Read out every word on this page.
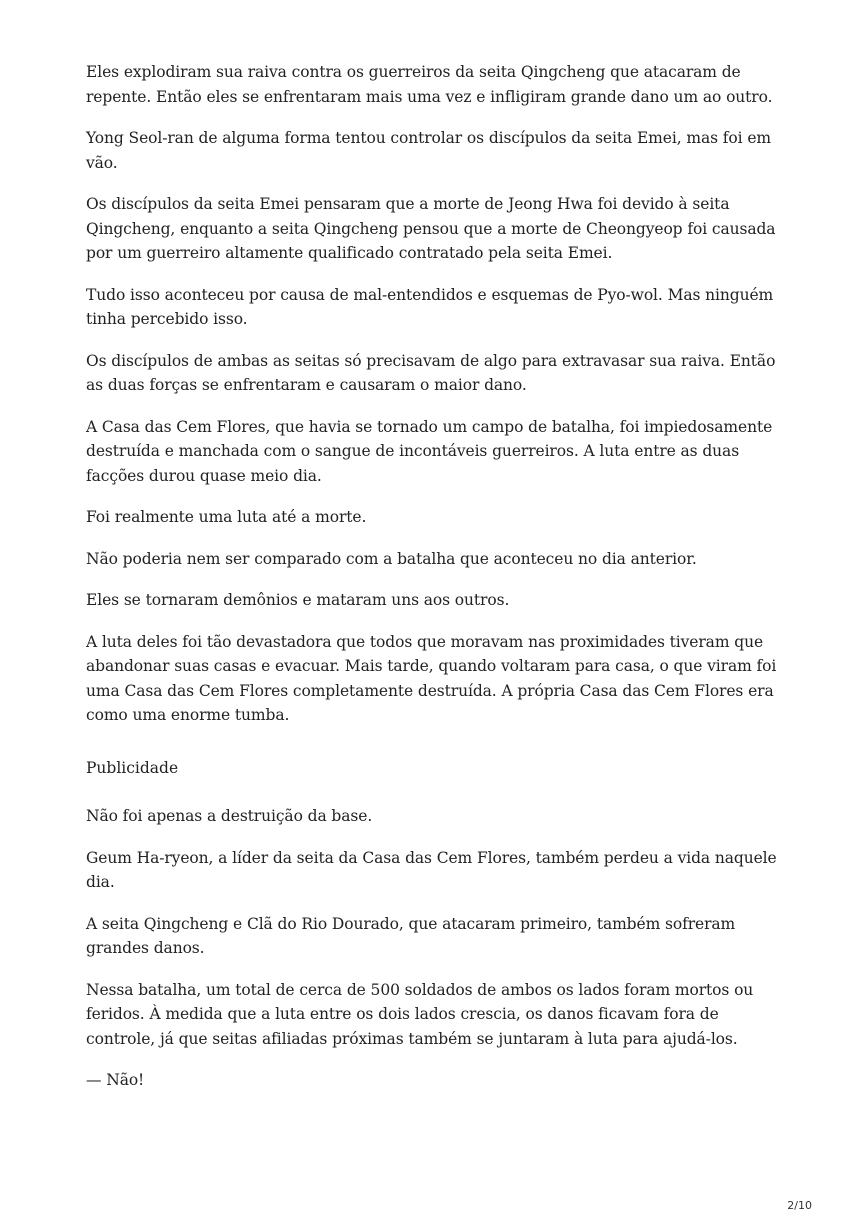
Eles explodiram sua raiva contra os guerreiros da seita Qingcheng que atacaram de repente. Então eles se enfrentaram mais uma vez e infligiram grande dano um ao outro.

Yong Seol-ran de alguma forma tentou controlar os discípulos da seita Emei, mas foi em vão.

Os discípulos da seita Emei pensaram que a morte de Jeong Hwa foi devido à seita Qingcheng, enquanto a seita Qingcheng pensou que a morte de Cheongyeop foi causada por um guerreiro altamente qualificado contratado pela seita Emei.

Tudo isso aconteceu por causa de mal-entendidos e esquemas de Pyo-wol. Mas ninguém tinha percebido isso.

Os discípulos de ambas as seitas só precisavam de algo para extravasar sua raiva. Então as duas forças se enfrentaram e causaram o maior dano.

A Casa das Cem Flores, que havia se tornado um campo de batalha, foi impiedosamente destruída e manchada com o sangue de incontáveis guerreiros. A luta entre as duas facções durou quase meio dia.

Foi realmente uma luta até a morte.

Não poderia nem ser comparado com a batalha que aconteceu no dia anterior.

Eles se tornaram demônios e mataram uns aos outros.

A luta deles foi tão devastadora que todos que moravam nas proximidades tiveram que abandonar suas casas e evacuar. Mais tarde, quando voltaram para casa, o que viram foi uma Casa das Cem Flores completamente destruída. A própria Casa das Cem Flores era como uma enorme tumba.

Publicidade

Não foi apenas a destruição da base.

Geum Ha-ryeon, a líder da seita da Casa das Cem Flores, também perdeu a vida naquele dia.

A seita Qingcheng e Clã do Rio Dourado, que atacaram primeiro, também sofreram grandes danos.

Nessa batalha, um total de cerca de 500 soldados de ambos os lados foram mortos ou feridos. À medida que a luta entre os dois lados crescia, os danos ficavam fora de controle, já que seitas afiliadas próximas também se juntaram à luta para ajudá-los.

— Não!

2/10
